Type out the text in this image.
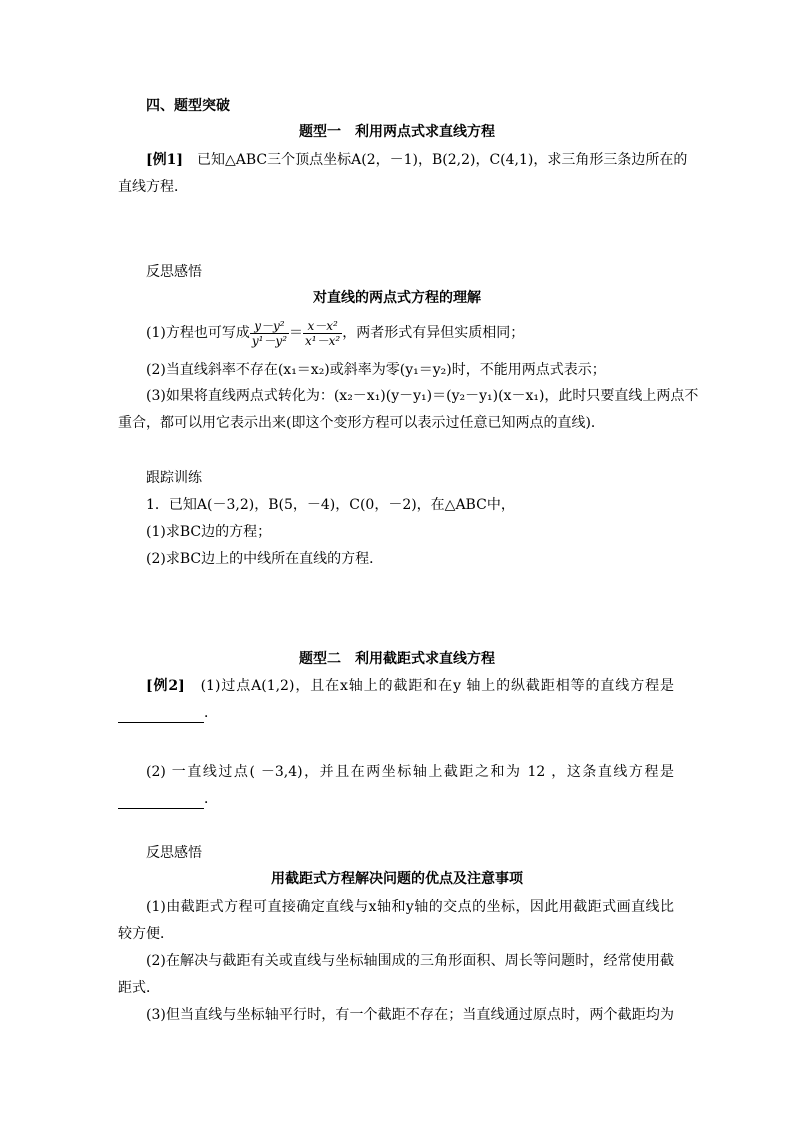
四、题型突破
题型一　利用两点式求直线方程
[例1]　 已知△ABC三个顶点坐标A(2，－1)，B(2,2)，C(4,1)，求三角形三条边所在的
直线方程．
反思感悟
对直线的两点式方程的理解
(1)方程也可写成 $\frac{\text{y－y²}}{\text{y¹－y²}} = \frac{\text{x－x²}}{\text{x¹－x²}}$ ，两者形式有异但实质相同；
(2)当直线斜率不存在(x₁＝x₂)或斜率为零(y₁＝y₂)时，不能用两点式表示；
(3)如果将直线两点式转化为：(x₂－x₁)(y－y₁)＝(y₂－y₁)(x－x₁)，此时只要直线上两点不
重合，都可以用它表示出来(即这个变形方程可以表示过任意已知两点的直线)．
跟踪训练
1．已知A(－3,2)，B(5，－4)，C(0，－2)，在△ABC中，
(1)求BC边的方程；
(2)求BC边上的中线所在直线的方程．
题型二　利用截距式求直线方程
[例2]　 (1)过点A(1,2)，且在x轴上的截距和在y 轴上的纵截距相等的直线方程是
．
(2) 一直线过点( －3,4)，并且在两坐标轴上截距之和为 12 ，这条直线方程是
．
反思感悟
用截距式方程解决问题的优点及注意事项
(1)由截距式方程可直接确定直线与x轴和y轴的交点的坐标，因此用截距式画直线比
较方便．
(2)在解决与截距有关或直线与坐标轴围成的三角形面积、周长等问题时，经常使用截
距式．
(3)但当直线与坐标轴平行时，有一个截距不存在；当直线通过原点时，两个截距均为
